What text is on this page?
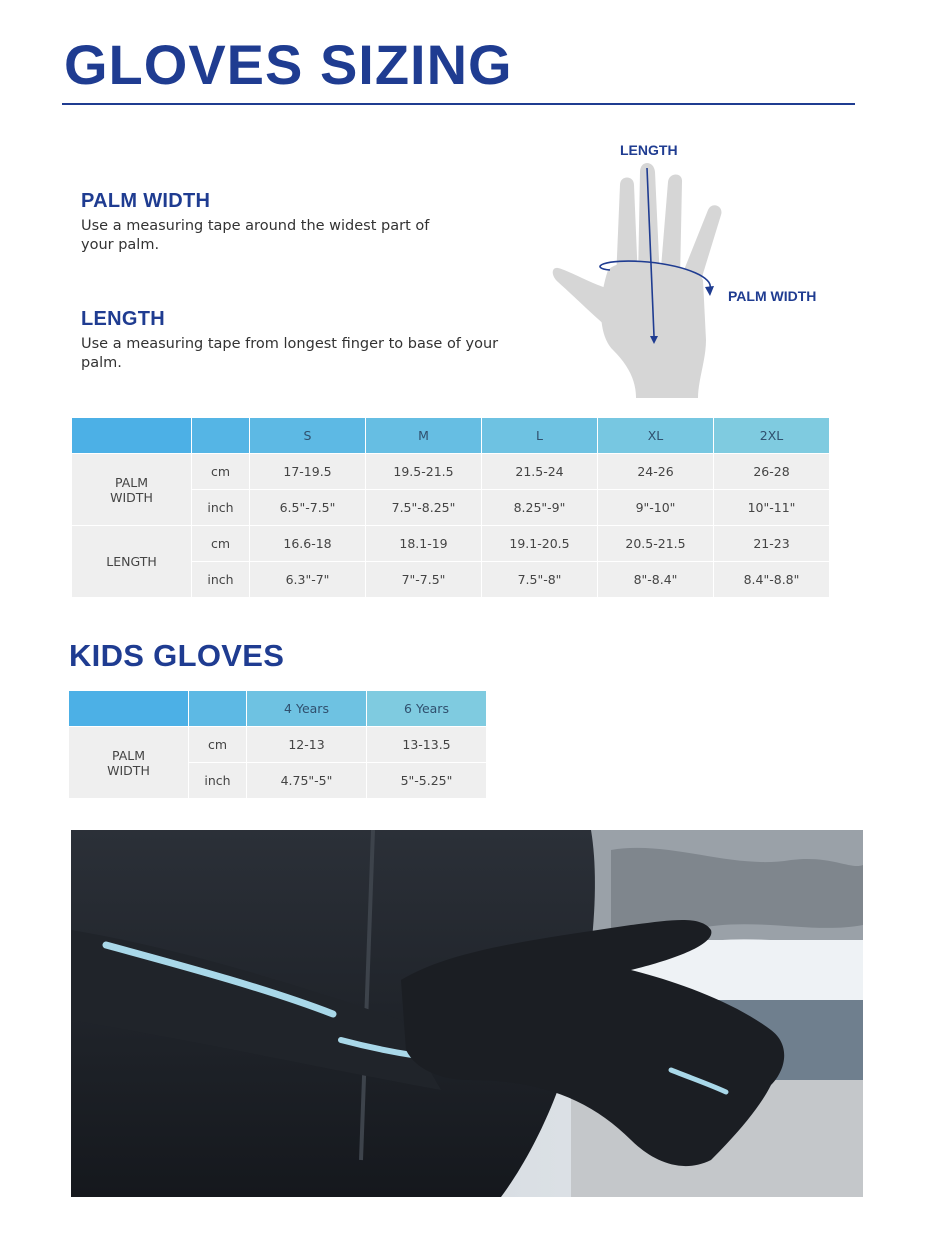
GLOVES SIZING
PALM WIDTH

Use a measuring tape around the widest part of
your palm.

LENGTH

Use a measuring tape from longest finger to base of your
palm.

LENGTH
PALM WIDTH
		S	M	L	XL	2XL
PALM
WIDTH	cm	17-19.5	19.5-21.5	21.5-24	24-26	26-28
	inch	6.5"-7.5"	7.5"-8.25"	8.25"-9"	9"-10"	10"-11"
LENGTH	cm	16.6-18	18.1-19	19.1-20.5	20.5-21.5	21-23
	inch	6.3"-7"	7"-7.5"	7.5"-8"	8"-8.4"	8.4"-8.8"
KIDS GLOVES
		4 Years	6 Years
PALM
WIDTH	cm	12-13	13-13.5
	inch	4.75"-5"	5"-5.25"
